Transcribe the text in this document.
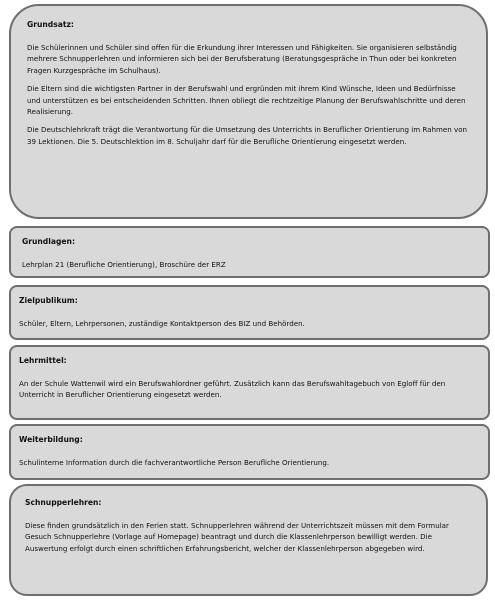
Grundsatz:

Die Schülerinnen und Schüler sind offen für die Erkundung ihrer Interessen und Fähigkeiten. Sie organisieren selbständig mehrere Schnupperlehren und informieren sich bei der Berufsberatung (Beratungsgespräche in Thun oder bei konkreten Fragen Kurzgespräche im Schulhaus).

Die Eltern sind die wichtigsten Partner in der Berufswahl und ergründen mit ihrem Kind Wünsche, Ideen und Bedürfnisse und unterstützen es bei entscheidenden Schritten. Ihnen obliegt die rechtzeitige Planung der Berufswahlschritte und deren Realisierung.

Die Deutschlehrkraft trägt die Verantwortung für die Umsetzung des Unterrichts in Beruflicher Orientierung im Rahmen von 39 Lektionen. Die 5. Deutschlektion im 8. Schuljahr darf für die Berufliche Orientierung eingesetzt werden.

Grundlagen:

Lehrplan 21 (Berufliche Orientierung), Broschüre der ERZ

Zielpublikum:

Schüler, Eltern, Lehrpersonen, zuständige Kontaktperson des BIZ und Behörden.

Lehrmittel:

An der Schule Wattenwil wird ein Berufswahlordner geführt. Zusätzlich kann das Berufswahltagebuch von Egloff für den Unterricht in Beruflicher Orientierung eingesetzt werden.

Weiterbildung:

Schulinterne Information durch die fachverantwortliche Person Berufliche Orientierung.

Schnupperlehren:

Diese finden grundsätzlich in den Ferien statt. Schnupperlehren während der Unterrichtszeit müssen mit dem Formular Gesuch Schnupperlehre (Vorlage auf Homepage) beantragt und durch die Klassenlehrperson bewilligt werden. Die Auswertung erfolgt durch einen schriftlichen Erfahrungsbericht, welcher der Klassenlehrperson abgegeben wird.
